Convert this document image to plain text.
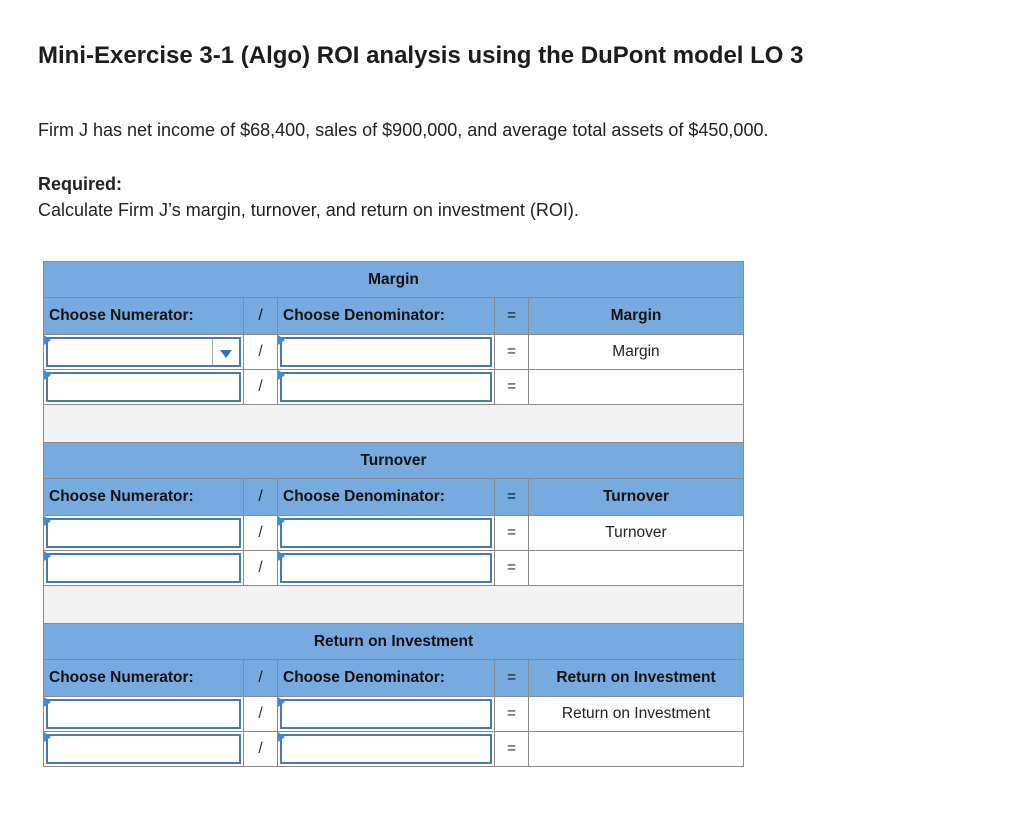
Mini-Exercise 3-1 (Algo) ROI analysis using the DuPont model LO 3
Firm J has net income of $68,400, sales of $900,000, and average total assets of $450,000.
Required:
Calculate Firm J’s margin, turnover, and return on investment (ROI).
Margin				
Choose Numerator:	/	Choose Denominator:	=	Margin

	/		=	Margin

	/		=	

Turnover				
Choose Numerator:	/	Choose Denominator:	=	Turnover

	/		=	Turnover

	/		=	

Return on Investment				
Choose Numerator:	/	Choose Denominator:	=	Return on Investment

	/		=	Return on Investment

	/		=	
